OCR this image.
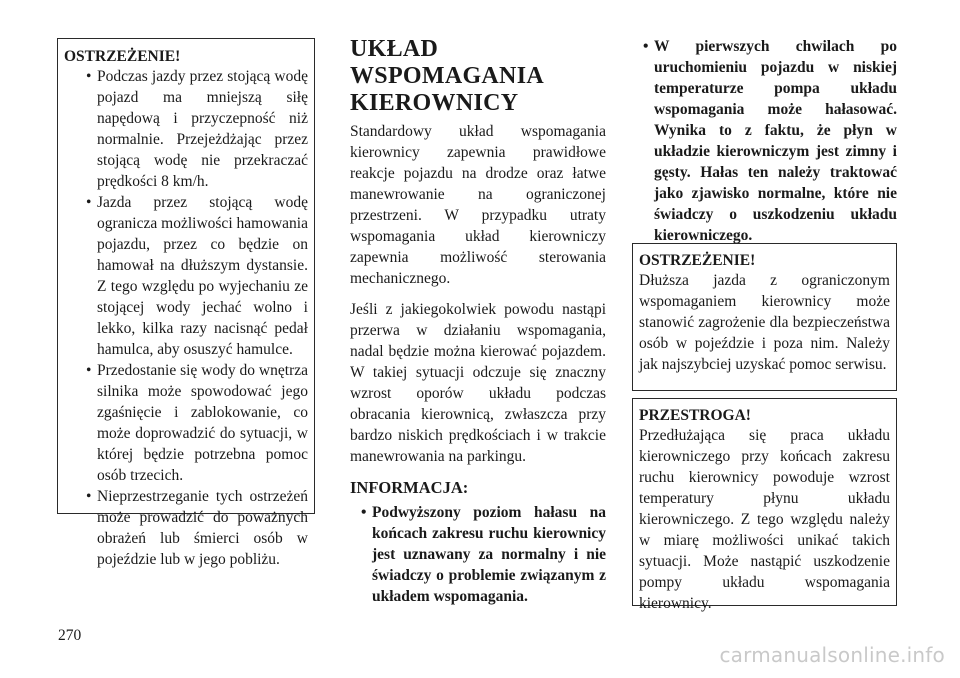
OSTRZEŻENIE!
• Podczas jazdy przez stojącą wodę pojazd ma mniejszą siłę napędową i przyczepność niż normalnie. Przejeżdżając przez stojącą wodę nie przekraczać prędkości 8 km/h.
• Jazda przez stojącą wodę ogranicza możliwości hamowania pojazdu, przez co będzie on hamował na dłuższym dystansie. Z tego względu po wyjechaniu ze stojącej wody jechać wolno i lekko, kilka razy nacisnąć pedał hamulca, aby osuszyć hamulce.
• Przedostanie się wody do wnętrza silnika może spowodować jego zgaśnięcie i zablokowanie, co może doprowadzić do sytuacji, w której będzie potrzebna pomoc osób trzecich.
• Nieprzestrzeganie tych ostrzeżeń może prowadzić do poważnych obrażeń lub śmierci osób w pojeździe lub w jego pobliżu.
UKŁAD WSPOMAGANIA KIEROWNICY

Standardowy układ wspomagania kierownicy zapewnia prawidłowe reakcje pojazdu na drodze oraz łatwe manewrowanie na ograniczonej przestrzeni. W przypadku utraty wspomagania układ kierowniczy zapewnia możliwość sterowania mechanicznego.

Jeśli z jakiegokolwiek powodu nastąpi przerwa w działaniu wspomagania, nadal będzie można kierować pojazdem. W takiej sytuacji odczuje się znaczny wzrost oporów układu podczas obracania kierownicą, zwłaszcza przy bardzo niskich prędkościach i w trakcie manewrowania na parkingu.

INFORMACJA:
• Podwyższony poziom hałasu na końcach zakresu ruchu kierownicy jest uznawany za normalny i nie świadczy o problemie związanym z układem wspomagania.
• W pierwszych chwilach po uruchomieniu pojazdu w niskiej temperaturze pompa układu wspomagania może hałasować. Wynika to z faktu, że płyn w układzie kierowniczym jest zimny i gęsty. Hałas ten należy traktować jako zjawisko normalne, które nie świadczy o uszkodzeniu układu kierowniczego.
OSTRZEŻENIE!

Dłuższa jazda z ograniczonym wspomaganiem kierownicy może stanowić zagrożenie dla bezpieczeństwa osób w pojeździe i poza nim. Należy jak najszybciej uzyskać pomoc serwisu.

PRZESTROGA!

Przedłużająca się praca układu kierowniczego przy końcach zakresu ruchu kierownicy powoduje wzrost temperatury płynu układu kierowniczego. Z tego względu należy w miarę możliwości unikać takich sytuacji. Może nastąpić uszkodzenie pompy układu wspomagania kierownicy.

270
carmanualsonline.info
